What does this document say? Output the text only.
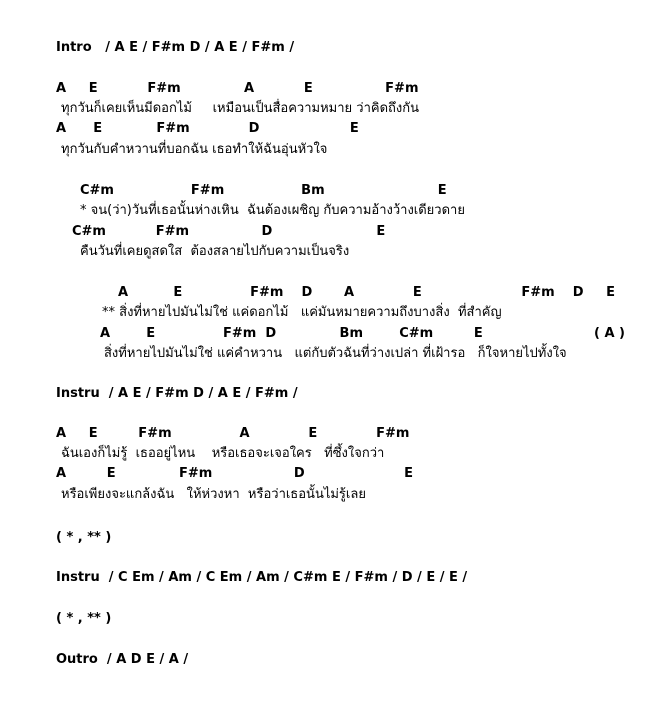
Intro   / A E / F#m D / A E / F#m /
A     E           F#m              A           E                F#m
ทุกวันก็เคยเห็นมีดอกไม้     เหมือนเป็นสื่อความหมาย ว่าคิดถึงกัน
A      E            F#m             D                    E
ทุกวันกับคำหวานที่บอกฉัน เธอทำให้ฉันอุ่นหัวใจ
C#m                 F#m                 Bm                         E
* จน(ว่า)วันที่เธอนั้นห่างเหิน  ฉันต้องเผชิญ กับความอ้างว้างเดียวดาย
C#m           F#m                D                       E
คืนวันที่เคยดูสดใส  ต้องสลายไปกับความเป็นจริง
A          E               F#m    D       A             E                      F#m    D     E
** สิ่งที่หายไปมันไม่ใช่ แค่ดอกไม้   แค่มันหมายความถึงบางสิ่ง  ที่สำคัญ
A        E               F#m  D              Bm        C#m         E	( A )
สิ่งที่หายไปมันไม่ใช่ แค่คำหวาน   แต่กับตัวฉันที่ว่างเปล่า ที่เฝ้ารอ   ก็ใจหายไปทั้งใจ
Instru  / A E / F#m D / A E / F#m /
A     E         F#m               A             E             F#m
ฉันเองก็ไม่รู้  เธออยู่ไหน    หรือเธอจะเจอใคร   ที่ซึ้งใจกว่า
A         E              F#m                  D                      E
หรือเพียงจะแกล้งฉัน   ให้ห่วงหา  หรือว่าเธอนั้นไม่รู้เลย
( * , ** )
Instru  / C Em / Am / C Em / Am / C#m E / F#m / D / E / E /
( * , ** )
Outro  / A D E / A /
